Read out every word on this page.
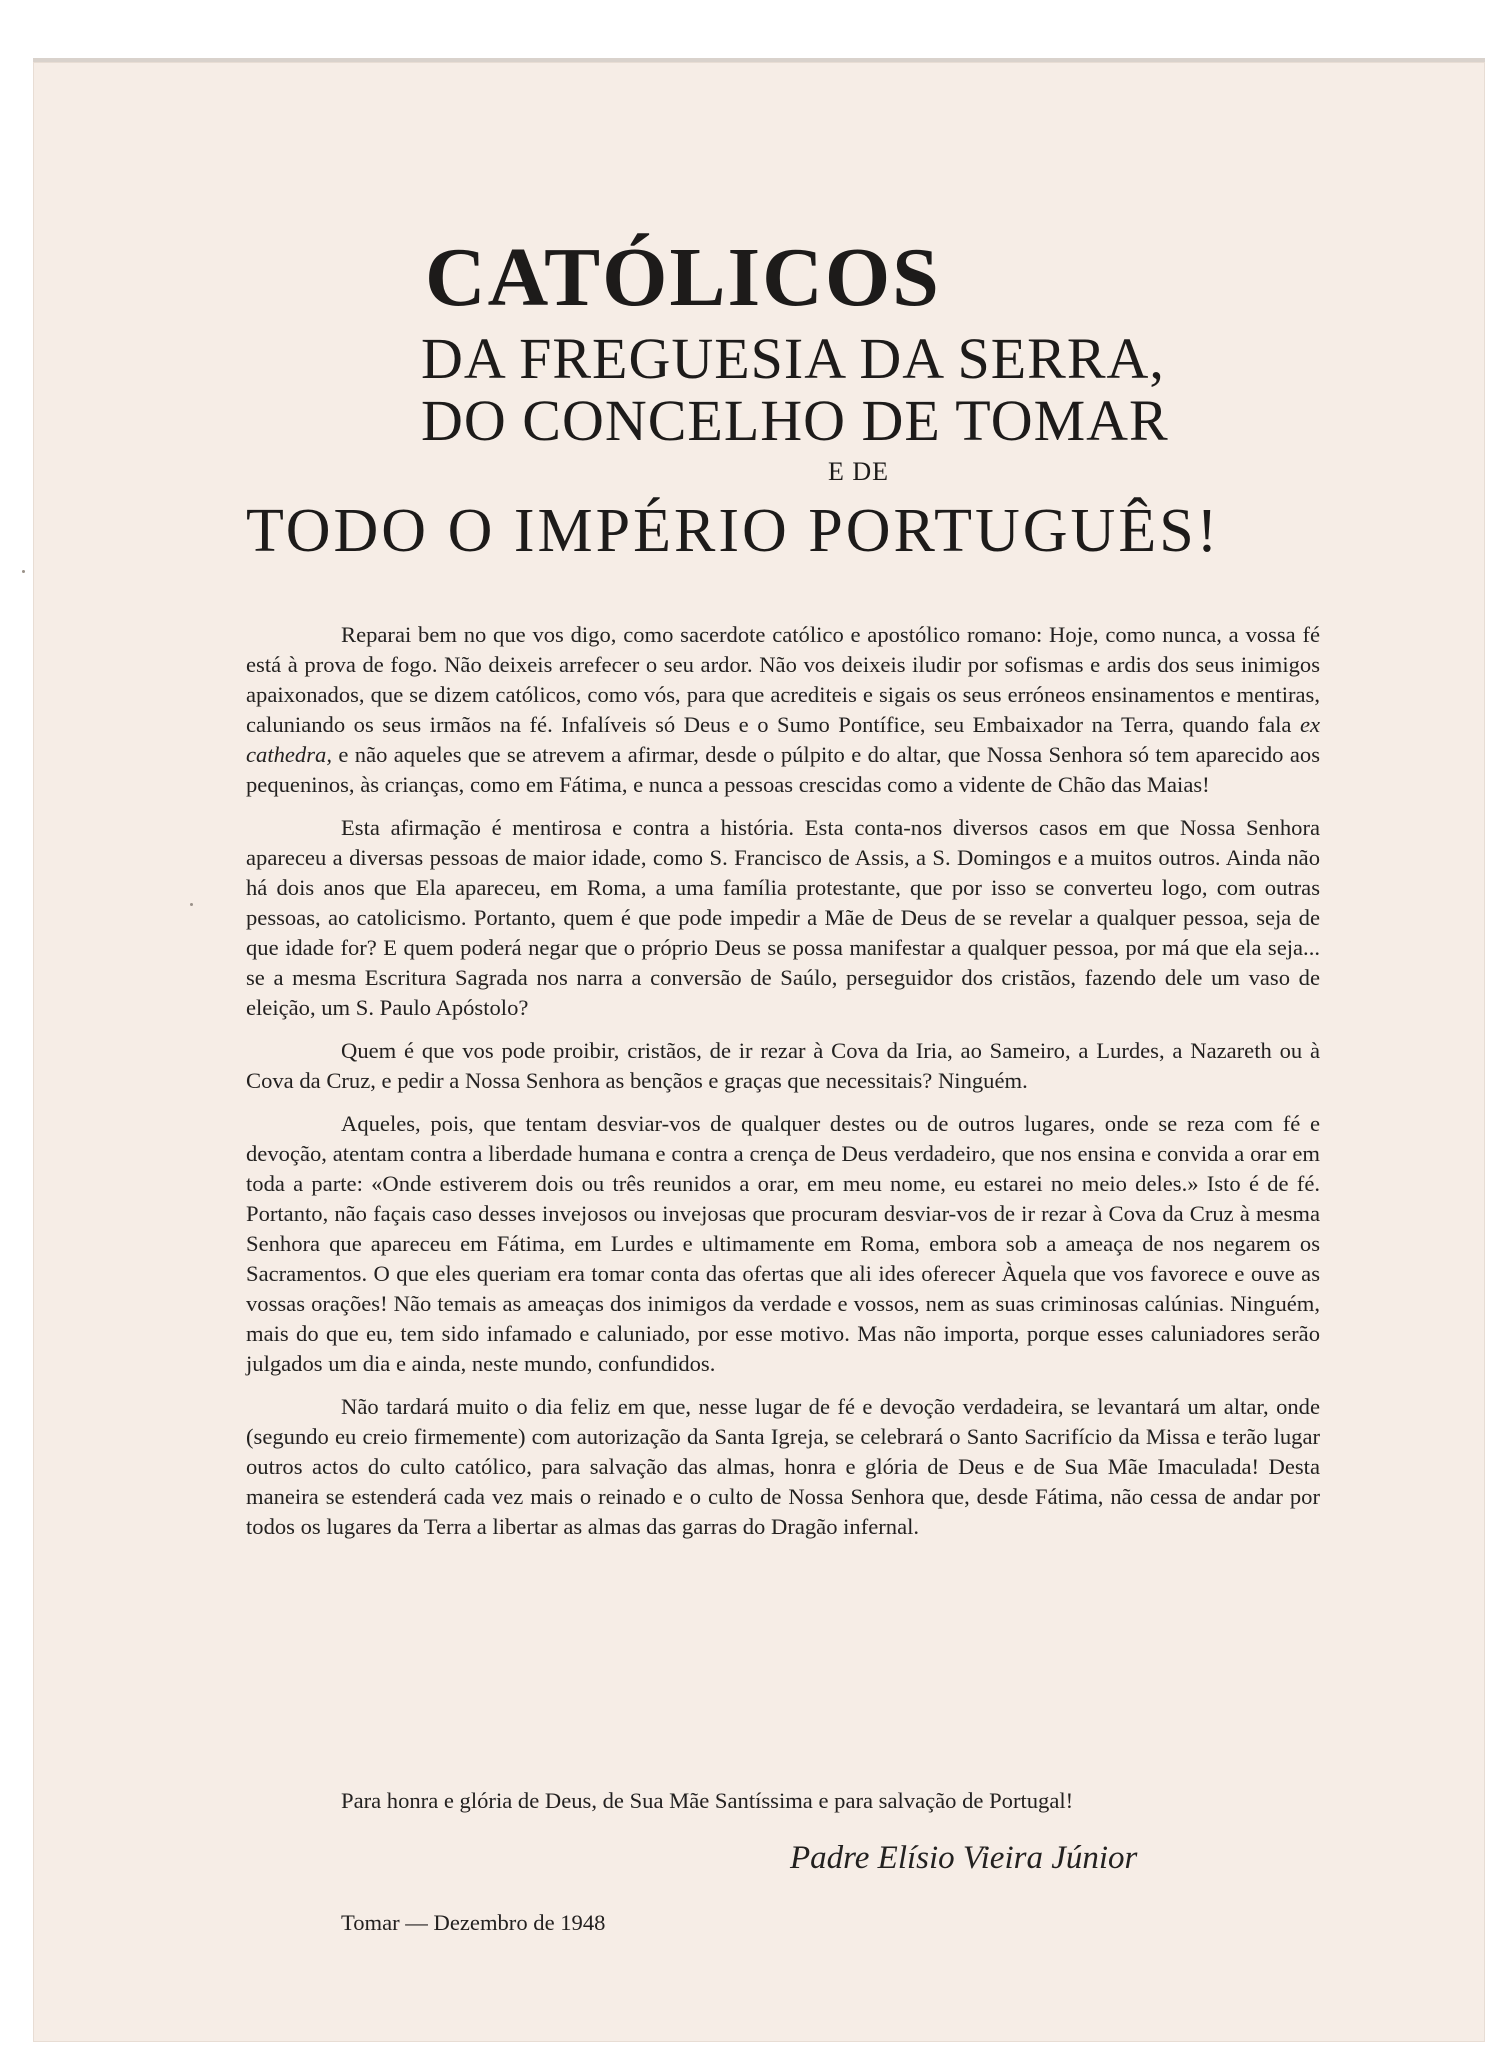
CATÓLICOS
DA FREGUESIA DA SERRA,
DO CONCELHO DE TOMAR
E DE
TODO O IMPÉRIO PORTUGUÊS!

Reparai bem no que vos digo, como sacerdote católico e apostólico romano: Hoje, como nunca, a vossa fé está à prova de fogo. Não deixeis arrefecer o seu ardor. Não vos deixeis iludir por sofismas e ardis dos seus inimigos apaixonados, que se dizem católicos, como vós, para que acrediteis e sigais os seus erróneos ensinamentos e mentiras, caluniando os seus irmãos na fé. Infalíveis só Deus e o Sumo Pontífice, seu Embaixador na Terra, quando fala ex cathedra, e não aqueles que se atrevem a afirmar, desde o púlpito e do altar, que Nossa Senhora só tem aparecido aos pequeninos, às crianças, como em Fátima, e nunca a pessoas crescidas como a vidente de Chão das Maias!

Esta afirmação é mentirosa e contra a história. Esta conta-nos diversos casos em que Nossa Senhora apareceu a diversas pessoas de maior idade, como S. Francisco de Assis, a S. Domingos e a muitos outros. Ainda não há dois anos que Ela apareceu, em Roma, a uma família protestante, que por isso se converteu logo, com outras pessoas, ao catolicismo. Portanto, quem é que pode impedir a Mãe de Deus de se revelar a qualquer pessoa, seja de que idade for? E quem poderá negar que o próprio Deus se possa manifestar a qualquer pessoa, por má que ela seja... se a mesma Escritura Sagrada nos narra a conversão de Saúlo, perseguidor dos cristãos, fazendo dele um vaso de eleição, um S. Paulo Apóstolo?

Quem é que vos pode proibir, cristãos, de ir rezar à Cova da Iria, ao Sameiro, a Lurdes, a Nazareth ou à Cova da Cruz, e pedir a Nossa Senhora as bençãos e graças que necessitais? Ninguém.

Aqueles, pois, que tentam desviar-vos de qualquer destes ou de outros lugares, onde se reza com fé e devoção, atentam contra a liberdade humana e contra a crença de Deus verdadeiro, que nos ensina e convida a orar em toda a parte: «Onde estiverem dois ou três reunidos a orar, em meu nome, eu estarei no meio deles.» Isto é de fé. Portanto, não façais caso desses invejosos ou invejosas que procuram desviar-vos de ir rezar à Cova da Cruz à mesma Senhora que apareceu em Fátima, em Lurdes e ultimamente em Roma, embora sob a ameaça de nos negarem os Sacramentos. O que eles queriam era tomar conta das ofertas que ali ides oferecer Àquela que vos favorece e ouve as vossas orações! Não temais as ameaças dos inimigos da verdade e vossos, nem as suas criminosas calúnias. Ninguém, mais do que eu, tem sido infamado e caluniado, por esse motivo. Mas não importa, porque esses caluniadores serão julgados um dia e ainda, neste mundo, confundidos.

Não tardará muito o dia feliz em que, nesse lugar de fé e devoção verdadeira, se levantará um altar, onde (segundo eu creio firmemente) com autorização da Santa Igreja, se celebrará o Santo Sacrifício da Missa e terão lugar outros actos do culto católico, para salvação das almas, honra e glória de Deus e de Sua Mãe Imaculada! Desta maneira se estenderá cada vez mais o reinado e o culto de Nossa Senhora que, desde Fátima, não cessa de andar por todos os lugares da Terra a libertar as almas das garras do Dragão infernal.

Para honra e glória de Deus, de Sua Mãe Santíssima e para salvação de Portugal!
Padre Elísio Vieira Júnior
Tomar — Dezembro de 1948
